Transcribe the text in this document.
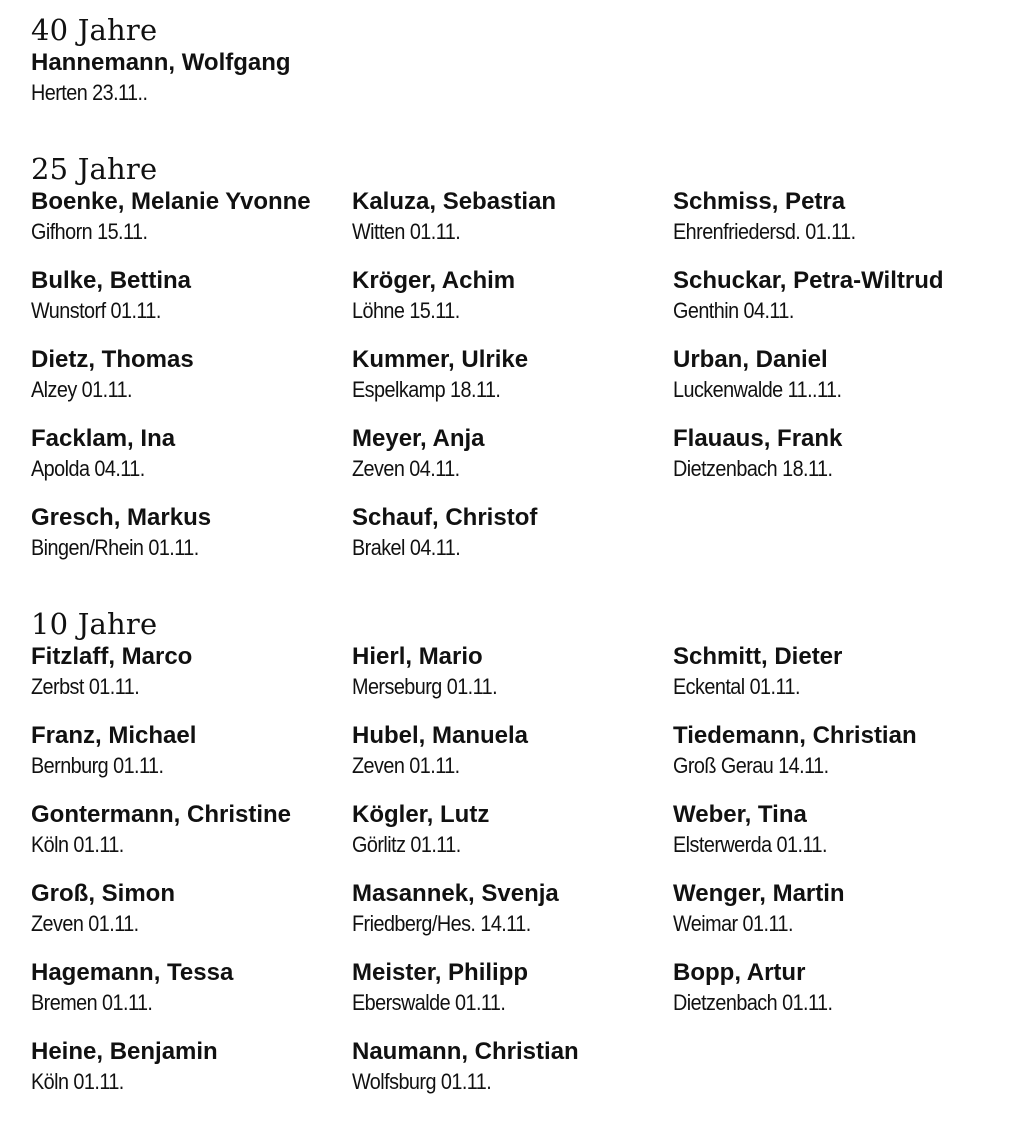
40 Jahre
Hannemann, Wolfgang
Herten 23.11..
25 Jahre
Boenke, Melanie Yvonne
Gifhorn 15.11.
Bulke, Bettina
Wunstorf 01.11.
Dietz, Thomas
Alzey 01.11.
Facklam, Ina
Apolda 04.11.
Gresch, Markus
Bingen/Rhein 01.11.
Kaluza, Sebastian
Witten 01.11.
Kröger, Achim
Löhne 15.11.
Kummer, Ulrike
Espelkamp 18.11.
Meyer, Anja
Zeven 04.11.
Schauf, Christof
Brakel 04.11.
Schmiss, Petra
Ehrenfriedersd. 01.11.
Schuckar, Petra-Wiltrud
Genthin 04.11.
Urban, Daniel
Luckenwalde 11..11.
Flauaus, Frank
Dietzenbach 18.11.
10 Jahre
Fitzlaff, Marco
Zerbst 01.11.
Franz, Michael
Bernburg 01.11.
Gontermann, Christine
Köln 01.11.
Groß, Simon
Zeven 01.11.
Hagemann, Tessa
Bremen 01.11.
Heine, Benjamin
Köln 01.11.
Hierl, Mario
Merseburg 01.11.
Hubel, Manuela
Zeven 01.11.
Kögler, Lutz
Görlitz 01.11.
Masannek, Svenja
Friedberg/Hes. 14.11.
Meister, Philipp
Eberswalde 01.11.
Naumann, Christian
Wolfsburg 01.11.
Schmitt, Dieter
Eckental 01.11.
Tiedemann, Christian
Groß Gerau 14.11.
Weber, Tina
Elsterwerda 01.11.
Wenger, Martin
Weimar 01.11.
Bopp, Artur
Dietzenbach 01.11.
